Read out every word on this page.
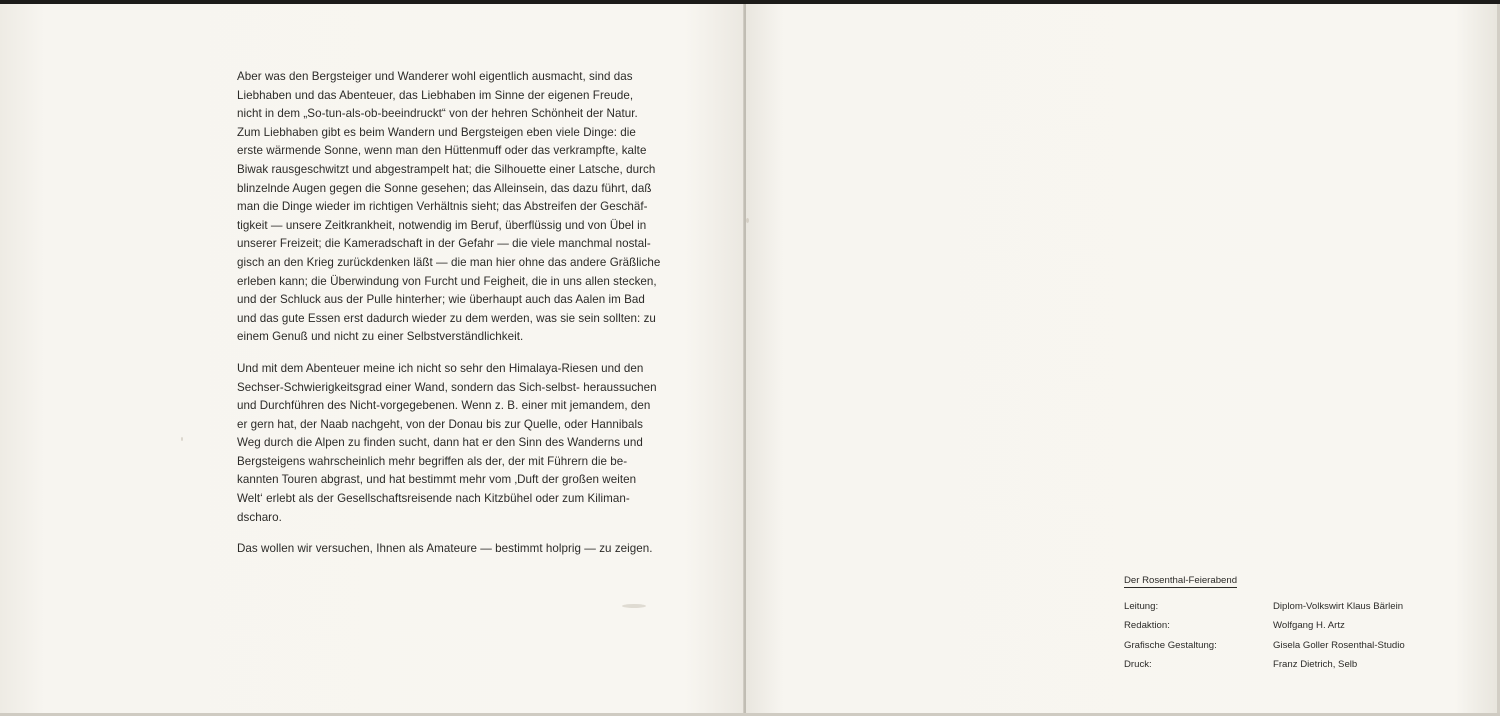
Aber was den Bergsteiger und Wanderer wohl eigentlich ausmacht, sind das
Liebhaben und das Abenteuer, das Liebhaben im Sinne der eigenen Freude,
nicht in dem „So-tun-als-ob-beeindruckt“ von der hehren Schönheit der Natur.
Zum Liebhaben gibt es beim Wandern und Bergsteigen eben viele Dinge: die
erste wärmende Sonne, wenn man den Hüttenmuff oder das verkrampfte, kalte
Biwak rausgeschwitzt und abgestrampelt hat; die Silhouette einer Latsche, durch
blinzelnde Augen gegen die Sonne gesehen; das Alleinsein, das dazu führt, daß
man die Dinge wieder im richtigen Verhältnis sieht; das Abstreifen der Geschäf-
tigkeit — unsere Zeitkrankheit, notwendig im Beruf, überflüssig und von Übel in
unserer Freizeit; die Kameradschaft in der Gefahr — die viele manchmal nostal-
gisch an den Krieg zurückdenken läßt — die man hier ohne das andere Gräßliche
erleben kann; die Überwindung von Furcht und Feigheit, die in uns allen stecken,
und der Schluck aus der Pulle hinterher; wie überhaupt auch das Aalen im Bad
und das gute Essen erst dadurch wieder zu dem werden, was sie sein sollten: zu
einem Genuß und nicht zu einer Selbstverständlichkeit.

Und mit dem Abenteuer meine ich nicht so sehr den Himalaya-Riesen und den
Sechser-Schwierigkeitsgrad einer Wand, sondern das Sich-selbst- heraussuchen
und Durchführen des Nicht-vorgegebenen. Wenn z. B. einer mit jemandem, den
er gern hat, der Naab nachgeht, von der Donau bis zur Quelle, oder Hannibals
Weg durch die Alpen zu finden sucht, dann hat er den Sinn des Wanderns und
Bergsteigens wahrscheinlich mehr begriffen als der, der mit Führern die be-
kannten Touren abgrast, und hat bestimmt mehr vom ‚Duft der großen weiten
Welt‘ erlebt als der Gesellschaftsreisende nach Kitzbühel oder zum Kiliman-
dscharo.

Das wollen wir versuchen, Ihnen als Amateure — bestimmt holprig — zu zeigen.

Der Rosenthal-Feierabend
Leitung:	Diplom-Volkswirt Klaus Bärlein
Redaktion:	Wolfgang H. Artz
Grafische Gestaltung:	Gisela Goller Rosenthal-Studio
Druck:	Franz Dietrich, Selb
